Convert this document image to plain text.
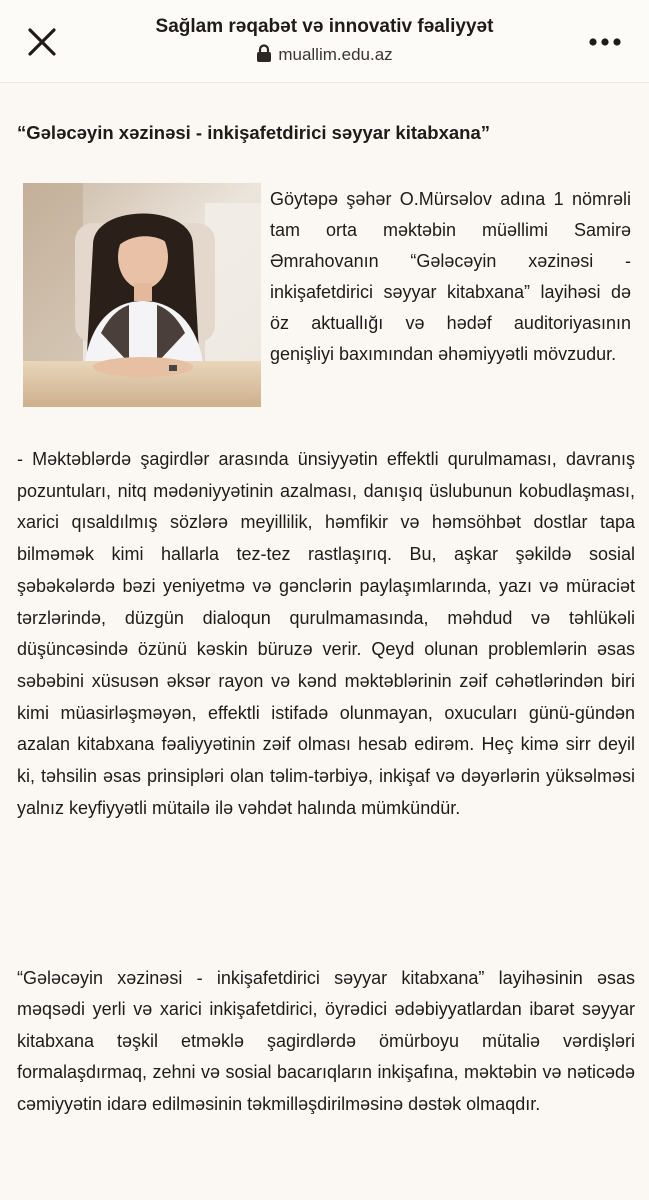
Sağlam rəqabət və innovativ fəaliyyət
muallim.edu.az
“Gələcəyin xəzinəsi - inkişafetdirici səyyar kitabxana”

Göytəpə şəhər O.Mürsəlov adına 1 nömrəli tam orta məktəbin müəllimi Samirə Əmrahovanın “Gələcəyin xəzinəsi - inkişafetdirici səyyar kitabxana” layihəsi də öz aktuallığı və hədəf auditoriyasının genişliyi baxımından əhəmiyyətli mövzudur.

- Məktəblərdə şagirdlər arasında ünsiyyətin effektli qurulmaması, davranış pozuntuları, nitq mədəniyyətinin azalması, danışıq üslubunun kobudlaşması, xarici qısaldılmış sözlərə meyillilik, həmfikir və həmsöhbət dostlar tapa bilməmək kimi hallarla tez-tez rastlaşırıq. Bu, aşkar şəkildə sosial şəbəkələrdə bəzi yeniyetmə və gənclərin paylaşımlarında, yazı və müraciət tərzlərində, düzgün dialoqun qurulmamasında, məhdud və təhlükəli düşüncəsində özünü kəskin büruzə verir. Qeyd olunan problemlərin əsas səbəbini xüsusən əksər rayon və kənd məktəblərinin zəif cəhətlərindən biri kimi müasirləşməyən, effektli istifadə olunmayan, oxucuları günü-gündən azalan kitabxana fəaliyyətinin zəif olması hesab edirəm. Heç kimə sirr deyil ki, təhsilin əsas prinsipləri olan təlim-tərbiyə, inkişaf və dəyərlərin yüksəlməsi yalnız keyfiyyətli mütailə ilə vəhdət halında mümkündür.

“Gələcəyin xəzinəsi - inkişafetdirici səyyar kitabxana” layihəsinin əsas məqsədi yerli və xarici inkişafetdirici, öyrədici ədəbiyyatlardan ibarət səyyar kitabxana təşkil etməklə şagirdlərdə ömürboyu mütaliə vərdişləri formalaşdırmaq, zehni və sosial bacarıqların inkişafına, məktəbin və nəticədə cəmiyyətin idarə edilməsinin təkmilləşdirilməsinə dəstək olmaqdır.
